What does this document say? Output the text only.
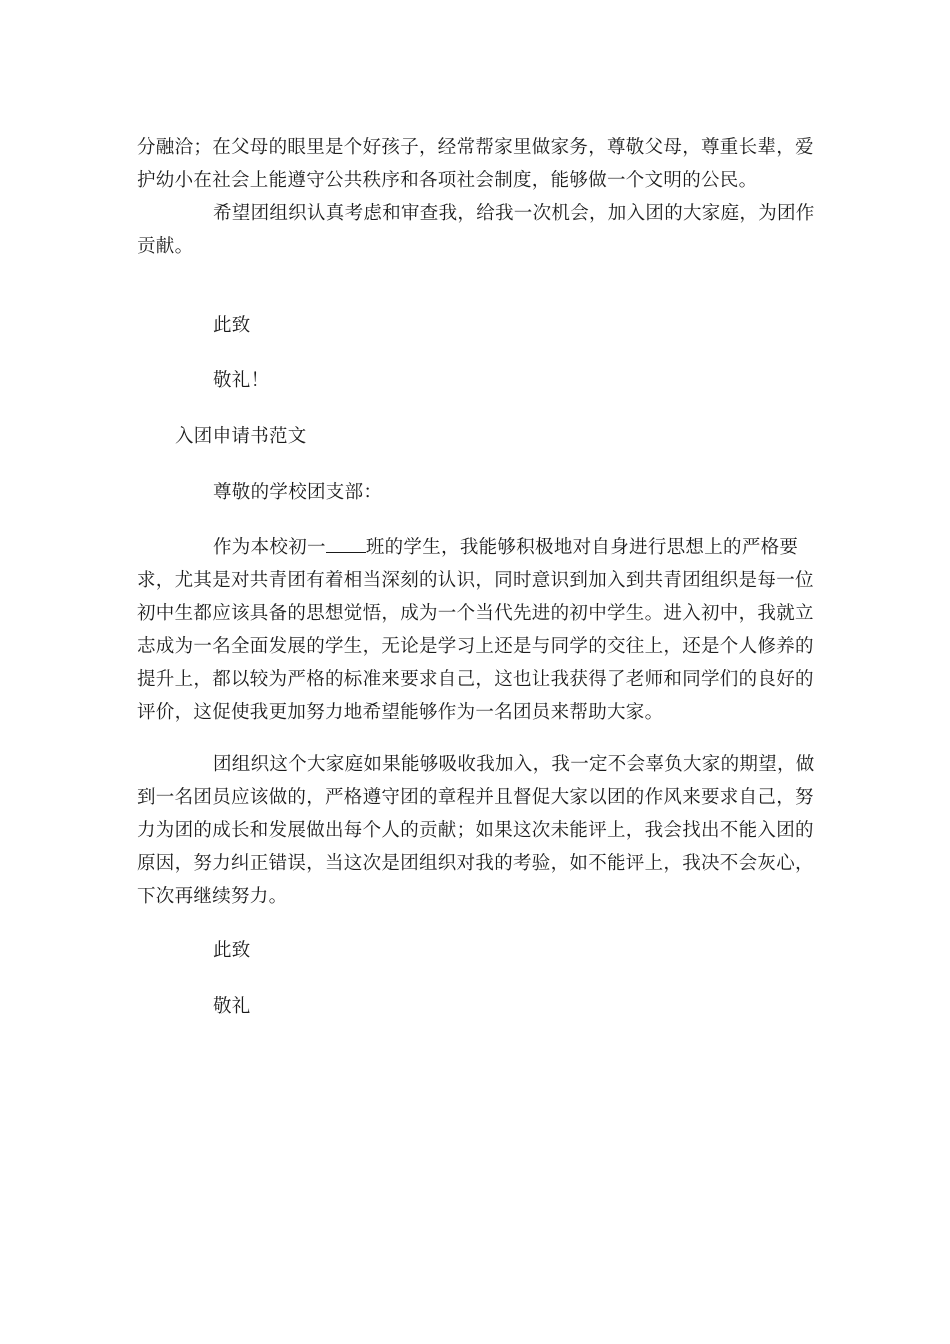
分融洽；在父母的眼里是个好孩子，经常帮家里做家务，尊敬父母，尊重长辈，爱护幼小在社会上能遵守公共秩序和各项社会制度，能够做一个文明的公民。

希望团组织认真考虑和审查我，给我一次机会，加入团的大家庭，为团作贡献。

此致

敬礼！

入团申请书范文

尊敬的学校团支部：

作为本校初一 班的学生，我能够积极地对自身进行思想上的严格要求，尤其是对共青团有着相当深刻的认识，同时意识到加入到共青团组织是每一位初中生都应该具备的思想觉悟，成为一个当代先进的初中学生。进入初中，我就立志成为一名全面发展的学生，无论是学习上还是与同学的交往上，还是个人修养的提升上，都以较为严格的标准来要求自己，这也让我获得了老师和同学们的良好的评价，这促使我更加努力地希望能够作为一名团员来帮助大家。

团组织这个大家庭如果能够吸收我加入，我一定不会辜负大家的期望，做到一名团员应该做的，严格遵守团的章程并且督促大家以团的作风来要求自己，努力为团的成长和发展做出每个人的贡献；如果这次未能评上，我会找出不能入团的原因，努力纠正错误，当这次是团组织对我的考验，如不能评上，我决不会灰心，下次再继续努力。

此致

敬礼
